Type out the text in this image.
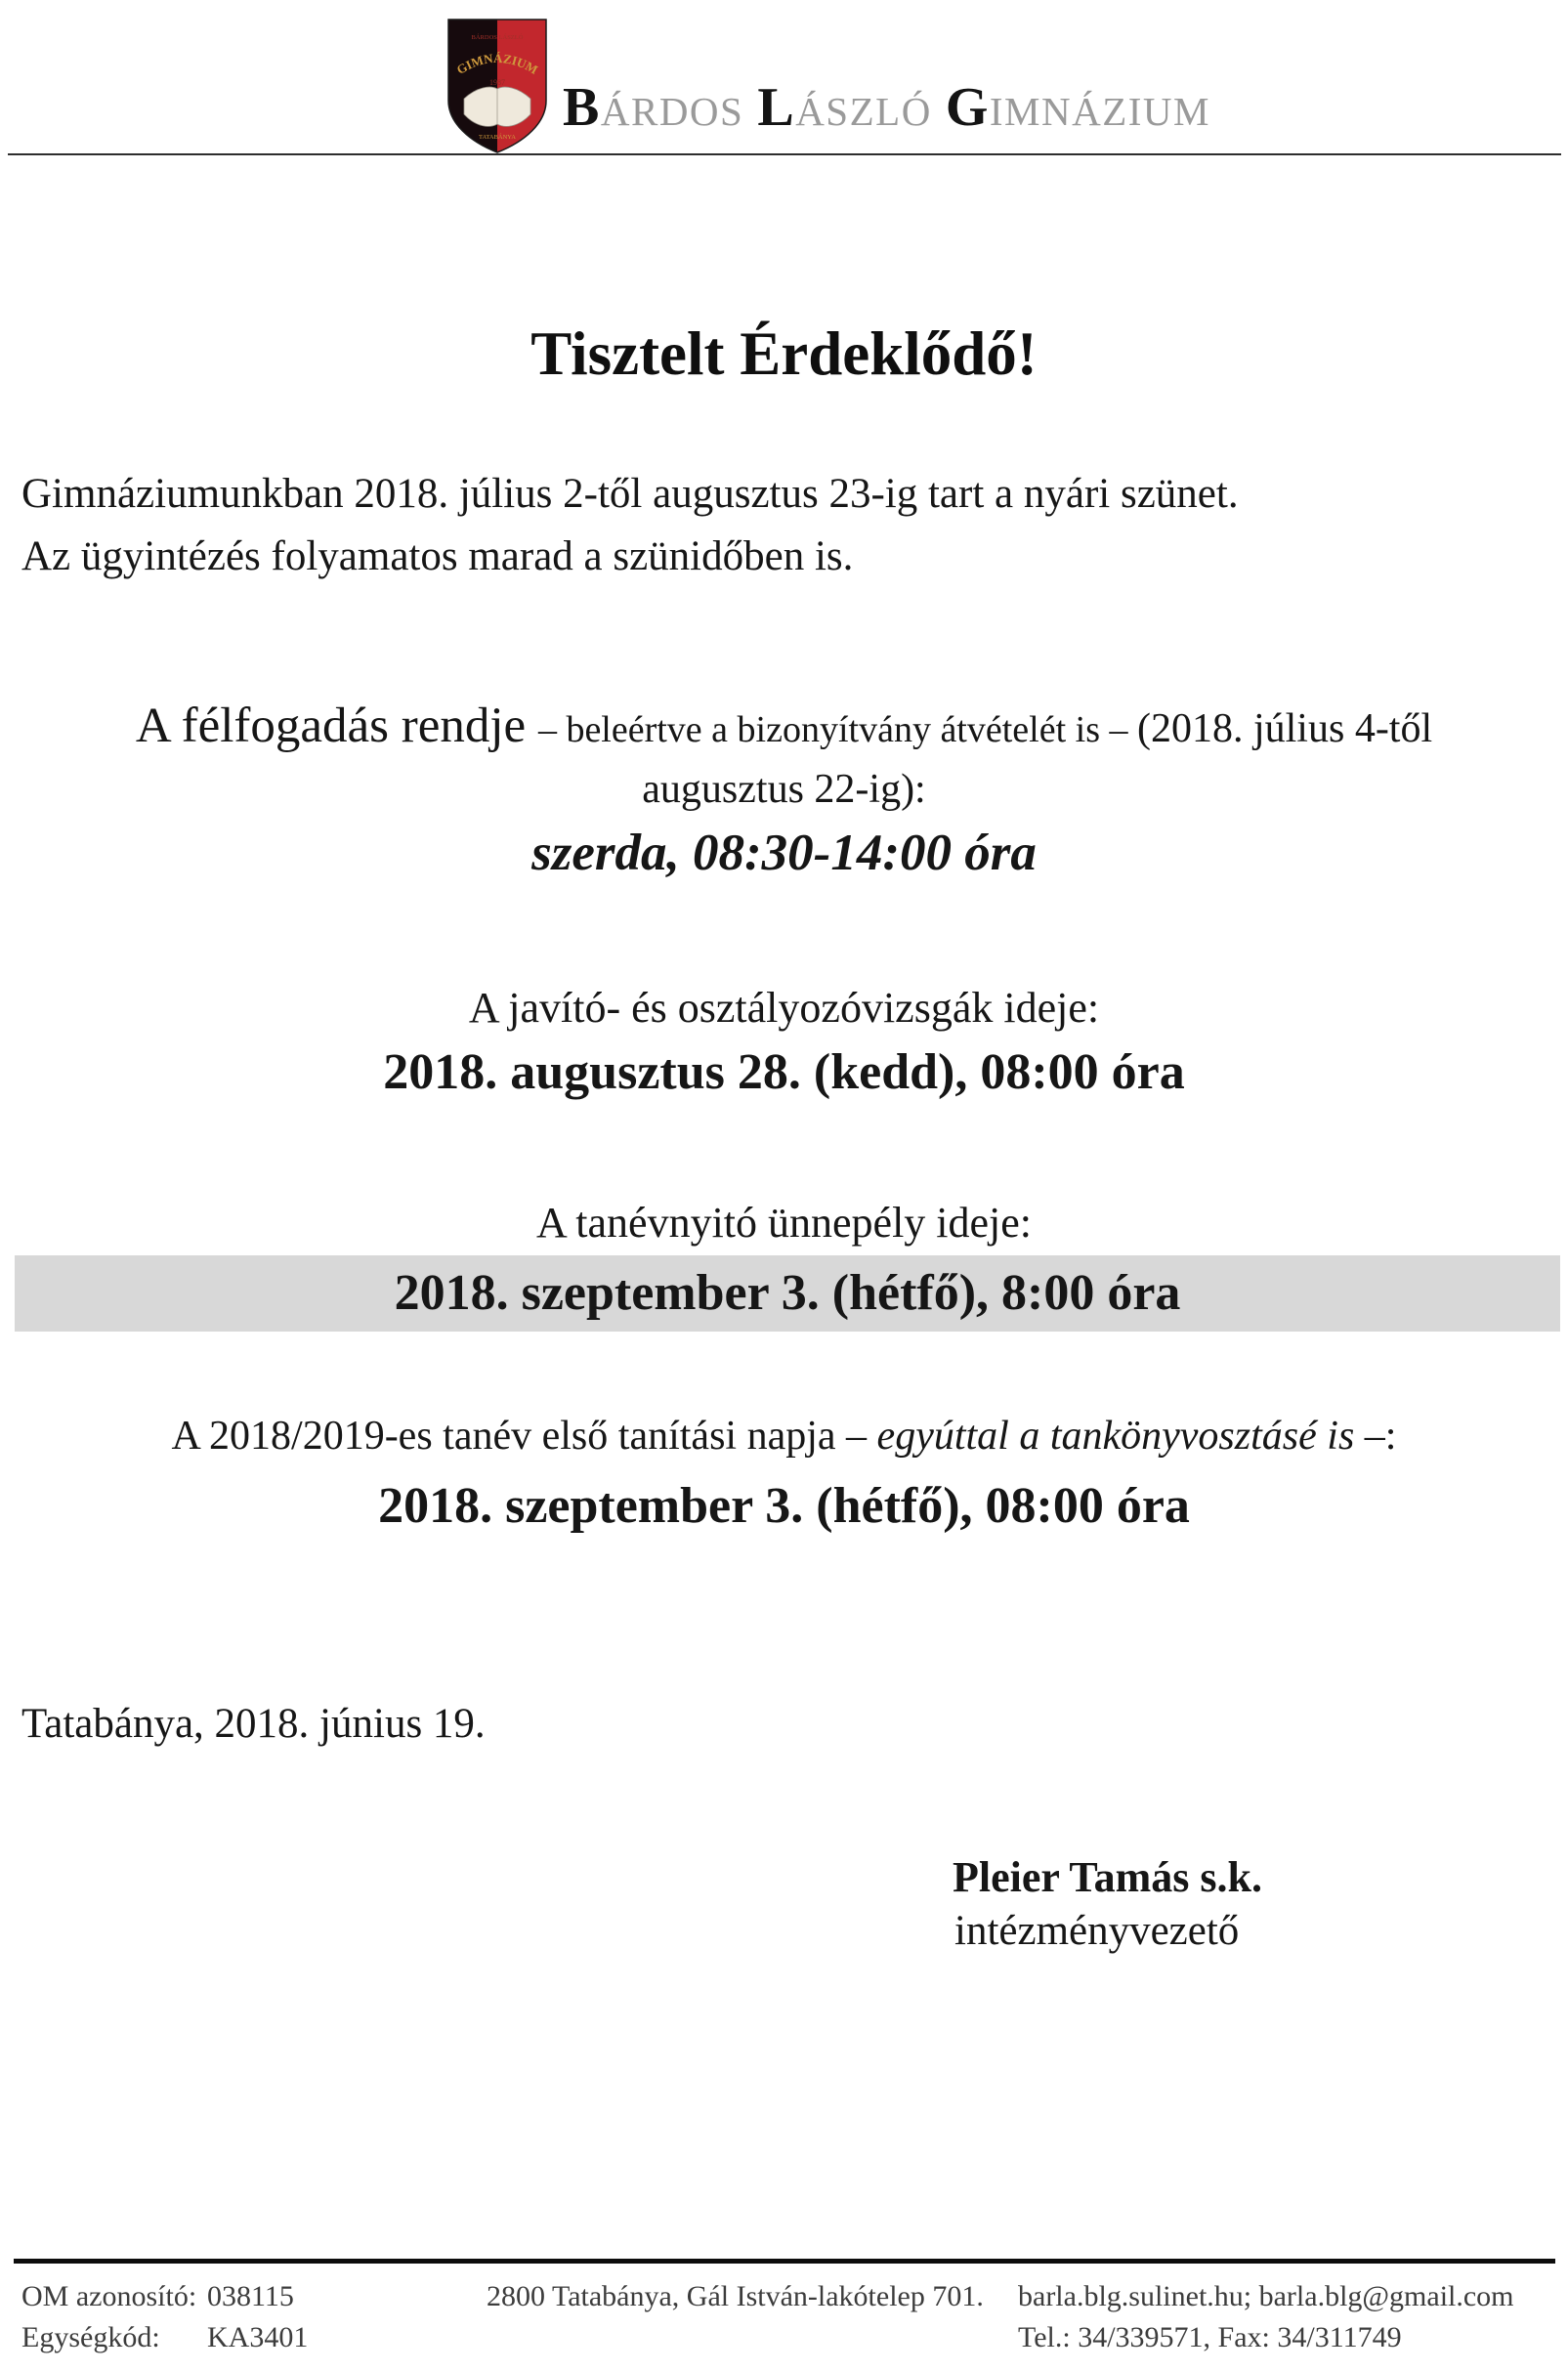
BÁRDOS LÁSZLÓ
GIMNÁZIUM
1987
TATABÁNYA B ÁRDOS L ÁSZLÓ G IMNÁZIUM
Tisztelt Érdeklődő!
Gimnáziumunkban 2018. július 2-től augusztus 23-ig tart a nyári szünet.
Az ügyintézés folyamatos marad a szünidőben is.
A félfogadás rendje – beleértve a bizonyítvány átvételét is – (2018. július 4-től
augusztus 22-ig):
szerda, 08:30-14:00 óra
A javító- és osztályozóvizsgák ideje:
2018. augusztus 28. (kedd), 08:00 óra
A tanévnyitó ünnepély ideje:
2018. szeptember 3. (hétfő), 8:00 óra
A 2018/2019-es tanév első tanítási napja – egyúttal a tankönyvosztásé is –:
2018. szeptember 3. (hétfő), 08:00 óra
Tatabánya, 2018. június 19.
Pleier Tamás s.k.
intézményvezető
OM azonosító: 038115
Egységkód:	KA3401
2800 Tatabánya, Gál István-lakótelep 701. barla.blg.sulinet.hu; barla.blg@gmail.com
Tel.: 34/339571, Fax: 34/311749
